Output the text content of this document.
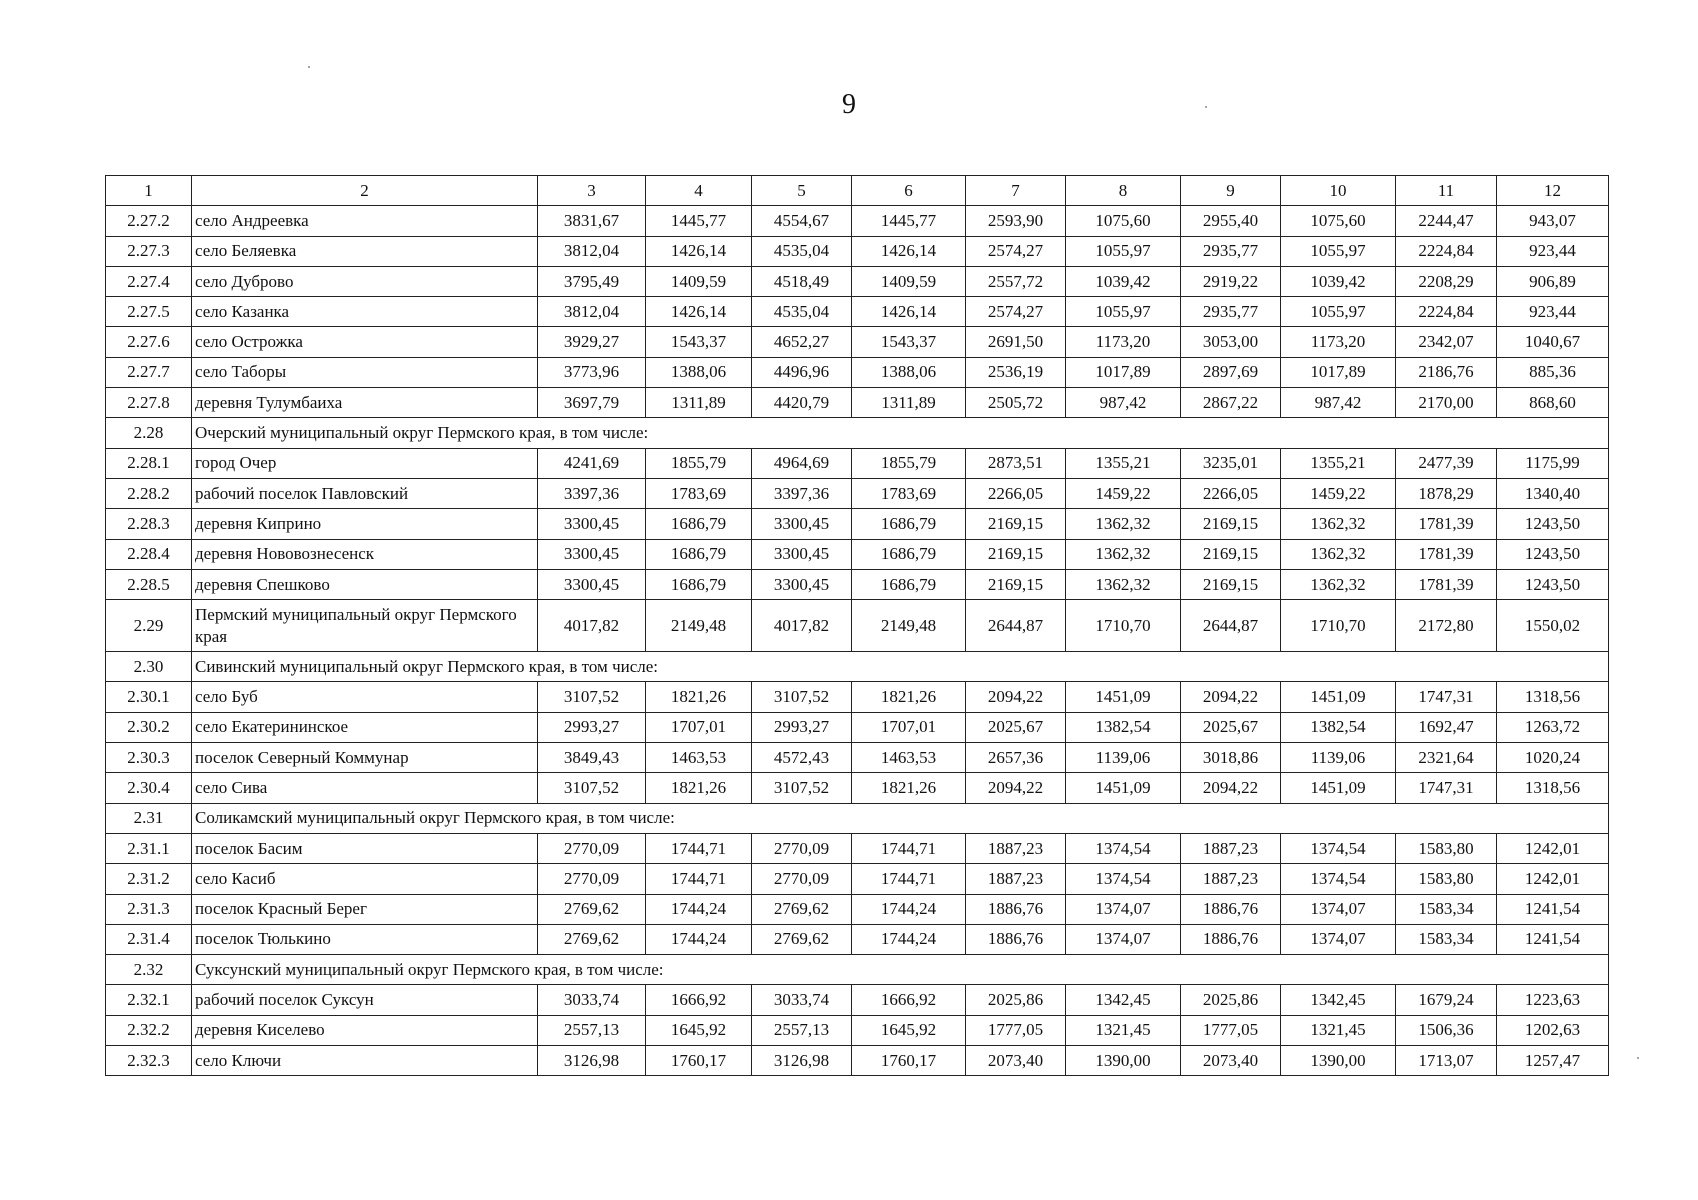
9
1	2	3	4	5	6	7	8	9	10	11	12
2.27.2	село Андреевка	3831,67	1445,77	4554,67	1445,77	2593,90	1075,60	2955,40	1075,60	2244,47	943,07
2.27.3	село Беляевка	3812,04	1426,14	4535,04	1426,14	2574,27	1055,97	2935,77	1055,97	2224,84	923,44
2.27.4	село Дуброво	3795,49	1409,59	4518,49	1409,59	2557,72	1039,42	2919,22	1039,42	2208,29	906,89
2.27.5	село Казанка	3812,04	1426,14	4535,04	1426,14	2574,27	1055,97	2935,77	1055,97	2224,84	923,44
2.27.6	село Острожка	3929,27	1543,37	4652,27	1543,37	2691,50	1173,20	3053,00	1173,20	2342,07	1040,67
2.27.7	село Таборы	3773,96	1388,06	4496,96	1388,06	2536,19	1017,89	2897,69	1017,89	2186,76	885,36
2.27.8	деревня Тулумбаиха	3697,79	1311,89	4420,79	1311,89	2505,72	987,42	2867,22	987,42	2170,00	868,60
2.28	Очерский муниципальный округ Пермского края, в том числе:										
2.28.1	город Очер	4241,69	1855,79	4964,69	1855,79	2873,51	1355,21	3235,01	1355,21	2477,39	1175,99
2.28.2	рабочий поселок Павловский	3397,36	1783,69	3397,36	1783,69	2266,05	1459,22	2266,05	1459,22	1878,29	1340,40
2.28.3	деревня Киприно	3300,45	1686,79	3300,45	1686,79	2169,15	1362,32	2169,15	1362,32	1781,39	1243,50
2.28.4	деревня Нововознесенск	3300,45	1686,79	3300,45	1686,79	2169,15	1362,32	2169,15	1362,32	1781,39	1243,50
2.28.5	деревня Спешково	3300,45	1686,79	3300,45	1686,79	2169,15	1362,32	2169,15	1362,32	1781,39	1243,50
2.29	Пермский муниципальный округ Пермского края	4017,82	2149,48	4017,82	2149,48	2644,87	1710,70	2644,87	1710,70	2172,80	1550,02
2.30	Сивинский муниципальный округ Пермского края, в том числе:										
2.30.1	село Буб	3107,52	1821,26	3107,52	1821,26	2094,22	1451,09	2094,22	1451,09	1747,31	1318,56
2.30.2	село Екатерининское	2993,27	1707,01	2993,27	1707,01	2025,67	1382,54	2025,67	1382,54	1692,47	1263,72
2.30.3	поселок Северный Коммунар	3849,43	1463,53	4572,43	1463,53	2657,36	1139,06	3018,86	1139,06	2321,64	1020,24
2.30.4	село Сива	3107,52	1821,26	3107,52	1821,26	2094,22	1451,09	2094,22	1451,09	1747,31	1318,56
2.31	Соликамский муниципальный округ Пермского края, в том числе:										
2.31.1	поселок Басим	2770,09	1744,71	2770,09	1744,71	1887,23	1374,54	1887,23	1374,54	1583,80	1242,01
2.31.2	село Касиб	2770,09	1744,71	2770,09	1744,71	1887,23	1374,54	1887,23	1374,54	1583,80	1242,01
2.31.3	поселок Красный Берег	2769,62	1744,24	2769,62	1744,24	1886,76	1374,07	1886,76	1374,07	1583,34	1241,54
2.31.4	поселок Тюлькино	2769,62	1744,24	2769,62	1744,24	1886,76	1374,07	1886,76	1374,07	1583,34	1241,54
2.32	Суксунский муниципальный округ Пермского края, в том числе:										
2.32.1	рабочий поселок Суксун	3033,74	1666,92	3033,74	1666,92	2025,86	1342,45	2025,86	1342,45	1679,24	1223,63
2.32.2	деревня Киселево	2557,13	1645,92	2557,13	1645,92	1777,05	1321,45	1777,05	1321,45	1506,36	1202,63
2.32.3	село Ключи	3126,98	1760,17	3126,98	1760,17	2073,40	1390,00	2073,40	1390,00	1713,07	1257,47
